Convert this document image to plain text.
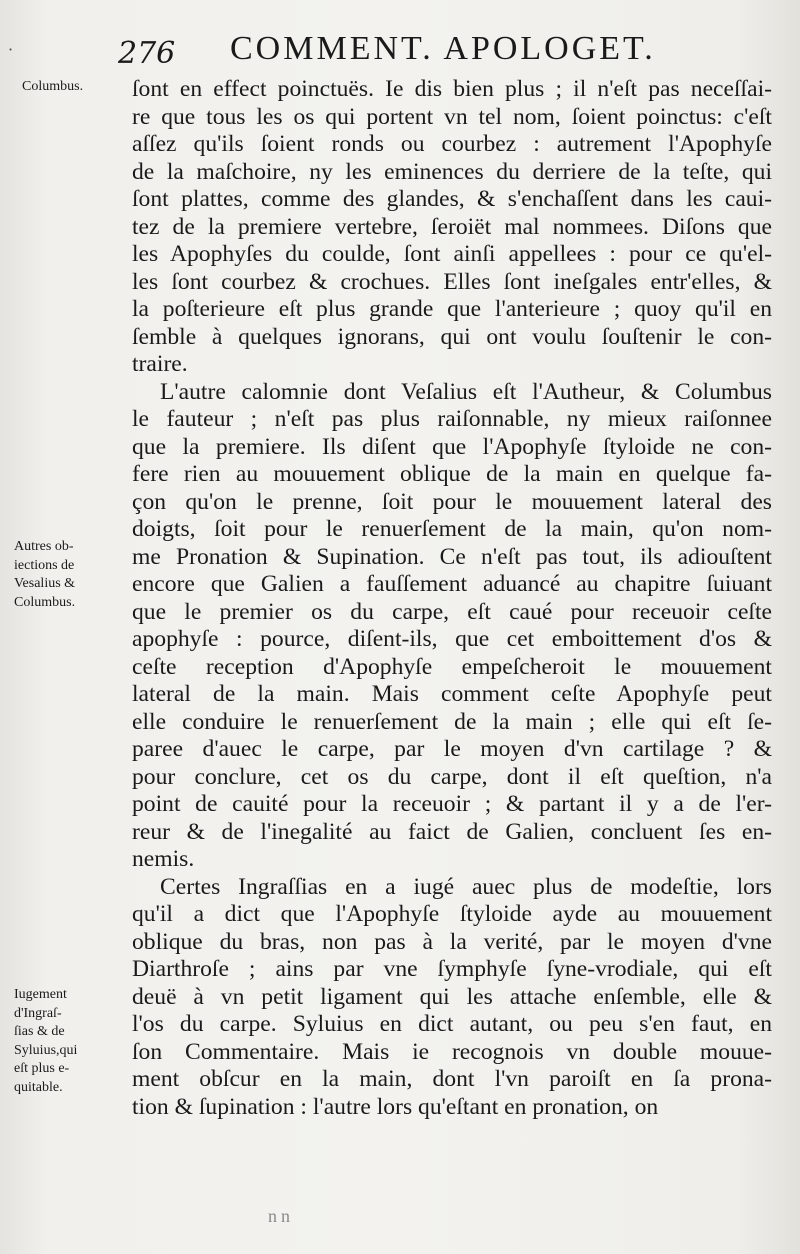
·	276 COMMENT. APOLOGET.
Columbus.
Autres ob-
iections de
Vesalius &
Columbus.
Iugement
d'Ingraſ-
ſias & de
Syluius,qui
eſt plus e-
quitable.
ſont en effect poinctuës. Ie dis bien plus ; il n'eſt pas neceſſai-
re que tous les os qui portent vn tel nom, ſoient poinctus: c'eſt
aſſez qu'ils ſoient ronds ou courbez : autrement l'Apophyſe
de la maſchoire, ny les eminences du derriere de la teſte, qui
ſont plattes, comme des glandes, & s'enchaſſent dans les caui-
tez de la premiere vertebre, ſeroiët mal nommees. Diſons que
les Apophyſes du coulde, ſont ainſi appellees : pour ce qu'el-
les ſont courbez & crochues. Elles ſont ineſgales entr'elles, &
la poſterieure eſt plus grande que l'anterieure ; quoy qu'il en
ſemble à quelques ignorans, qui ont voulu ſouſtenir le con-
traire.
L'autre calomnie dont Veſalius eſt l'Autheur, & Columbus
le fauteur ; n'eſt pas plus raiſonnable, ny mieux raiſonnee
que la premiere. Ils diſent que l'Apophyſe ſtyloide ne con-
fere rien au mouuement oblique de la main en quelque fa-
çon qu'on le prenne, ſoit pour le mouuement lateral des
doigts, ſoit pour le renuerſement de la main, qu'on nom-
me Pronation & Supination. Ce n'eſt pas tout, ils adiouſtent
encore que Galien a fauſſement aduancé au chapitre ſuiuant
que le premier os du carpe, eſt caué pour receuoir ceſte
apophyſe : pource, diſent-ils, que cet emboittement d'os &
ceſte reception d'Apophyſe empeſcheroit le mouuement
lateral de la main. Mais comment ceſte Apophyſe peut
elle conduire le renuerſement de la main ; elle qui eſt ſe-
paree d'auec le carpe, par le moyen d'vn cartilage ? &
pour conclure, cet os du carpe, dont il eſt queſtion, n'a
point de cauité pour la receuoir ; & partant il y a de l'er-
reur & de l'inegalité au faict de Galien, concluent ſes en-
nemis.
Certes Ingraſſias en a iugé auec plus de modeſtie, lors
qu'il a dict que l'Apophyſe ſtyloide ayde au mouuement
oblique du bras, non pas à la verité, par le moyen d'vne
Diarthroſe ; ains par vne ſymphyſe ſyne-vrodiale, qui eſt
deuë à vn petit ligament qui les attache enſemble, elle &
l'os du carpe. Syluius en dict autant, ou peu s'en faut, en
ſon Commentaire. Mais ie recognois vn double mouue-
ment obſcur en la main, dont l'vn paroiſt en ſa prona-
tion & ſupination : l'autre lors qu'eſtant en pronation, on
nn
